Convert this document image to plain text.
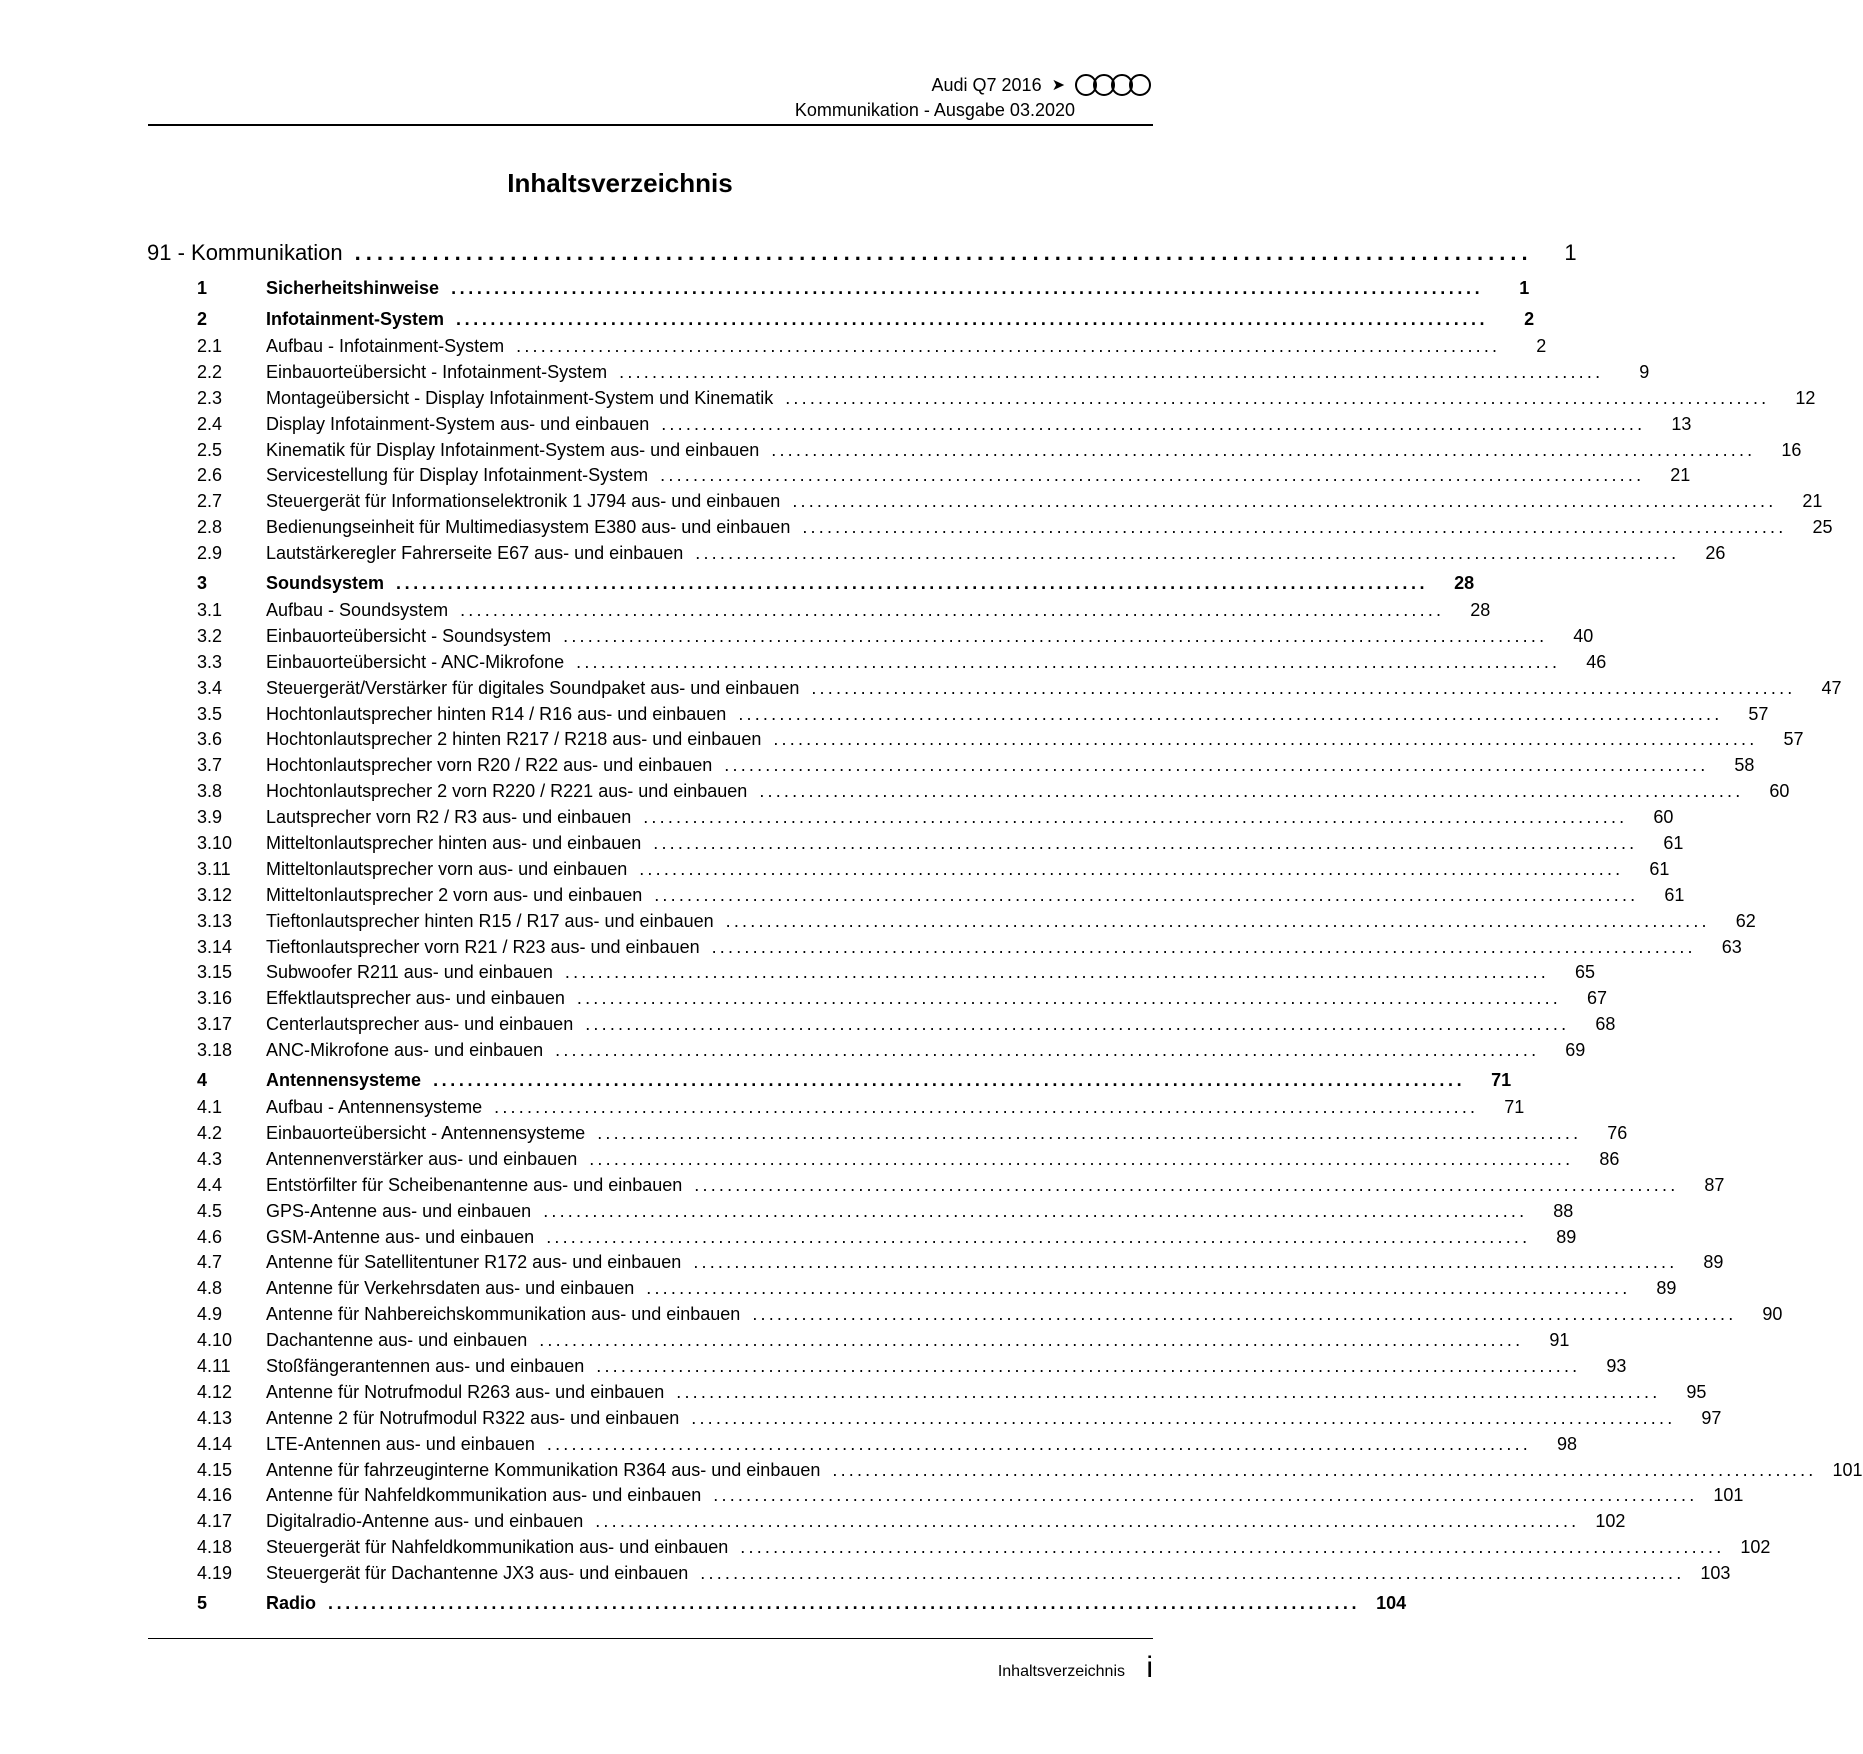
Audi Q7 2016 ➤
Kommunikation - Ausgabe 03.2020
Inhaltsverzeichnis
91 - Kommunikation ..........................................................................................................	1
1	Sicherheitshinweise ........................................................................................................................	1
2	Infotainment-System ........................................................................................................................	2
2.1	Aufbau - Infotainment-System ........................................................................................................................	2
2.2	Einbauorteübersicht - Infotainment-System ........................................................................................................................	9
2.3	Montageübersicht - Display Infotainment-System und Kinematik ........................................................................................................................	12
2.4	Display Infotainment-System aus- und einbauen ........................................................................................................................	13
2.5	Kinematik für Display Infotainment-System aus- und einbauen ........................................................................................................................	16
2.6	Servicestellung für Display Infotainment-System ........................................................................................................................	21
2.7	Steuergerät für Informationselektronik 1 J794 aus- und einbauen ........................................................................................................................	21
2.8	Bedienungseinheit für Multimediasystem E380 aus- und einbauen ........................................................................................................................	25
2.9	Lautstärkeregler Fahrerseite E67 aus- und einbauen ........................................................................................................................	26
3	Soundsystem ........................................................................................................................	28
3.1	Aufbau - Soundsystem ........................................................................................................................	28
3.2	Einbauorteübersicht - Soundsystem ........................................................................................................................	40
3.3	Einbauorteübersicht - ANC-Mikrofone ........................................................................................................................	46
3.4	Steuergerät/Verstärker für digitales Soundpaket aus- und einbauen ........................................................................................................................	47
3.5	Hochtonlautsprecher hinten R14 / R16 aus- und einbauen ........................................................................................................................	57
3.6	Hochtonlautsprecher 2 hinten R217 / R218 aus- und einbauen ........................................................................................................................	57
3.7	Hochtonlautsprecher vorn R20 / R22 aus- und einbauen ........................................................................................................................	58
3.8	Hochtonlautsprecher 2 vorn R220 / R221 aus- und einbauen ........................................................................................................................	60
3.9	Lautsprecher vorn R2 / R3 aus- und einbauen ........................................................................................................................	60
3.10	Mitteltonlautsprecher hinten aus- und einbauen ........................................................................................................................	61
3.11	Mitteltonlautsprecher vorn aus- und einbauen ........................................................................................................................	61
3.12	Mitteltonlautsprecher 2 vorn aus- und einbauen ........................................................................................................................	61
3.13	Tieftonlautsprecher hinten R15 / R17 aus- und einbauen ........................................................................................................................	62
3.14	Tieftonlautsprecher vorn R21 / R23 aus- und einbauen ........................................................................................................................	63
3.15	Subwoofer R211 aus- und einbauen ........................................................................................................................	65
3.16	Effektlautsprecher aus- und einbauen ........................................................................................................................	67
3.17	Centerlautsprecher aus- und einbauen ........................................................................................................................	68
3.18	ANC-Mikrofone aus- und einbauen ........................................................................................................................	69
4	Antennensysteme ........................................................................................................................	71
4.1	Aufbau - Antennensysteme ........................................................................................................................	71
4.2	Einbauorteübersicht - Antennensysteme ........................................................................................................................	76
4.3	Antennenverstärker aus- und einbauen ........................................................................................................................	86
4.4	Entstörfilter für Scheibenantenne aus- und einbauen ........................................................................................................................	87
4.5	GPS-Antenne aus- und einbauen ........................................................................................................................	88
4.6	GSM-Antenne aus- und einbauen ........................................................................................................................	89
4.7	Antenne für Satellitentuner R172 aus- und einbauen ........................................................................................................................	89
4.8	Antenne für Verkehrsdaten aus- und einbauen ........................................................................................................................	89
4.9	Antenne für Nahbereichskommunikation aus- und einbauen ........................................................................................................................	90
4.10	Dachantenne aus- und einbauen ........................................................................................................................	91
4.11	Stoßfängerantennen aus- und einbauen ........................................................................................................................	93
4.12	Antenne für Notrufmodul R263 aus- und einbauen ........................................................................................................................	95
4.13	Antenne 2 für Notrufmodul R322 aus- und einbauen ........................................................................................................................	97
4.14	LTE-Antennen aus- und einbauen ........................................................................................................................	98
4.15	Antenne für fahrzeuginterne Kommunikation R364 aus- und einbauen ........................................................................................................................ 101
4.16	Antenne für Nahfeldkommunikation aus- und einbauen ........................................................................................................................ 101
4.17	Digitalradio-Antenne aus- und einbauen ........................................................................................................................ 102
4.18	Steuergerät für Nahfeldkommunikation aus- und einbauen ........................................................................................................................ 102
4.19	Steuergerät für Dachantenne JX3 aus- und einbauen ........................................................................................................................ 103
5	Radio ........................................................................................................................ 104
Inhaltsverzeichnis i
